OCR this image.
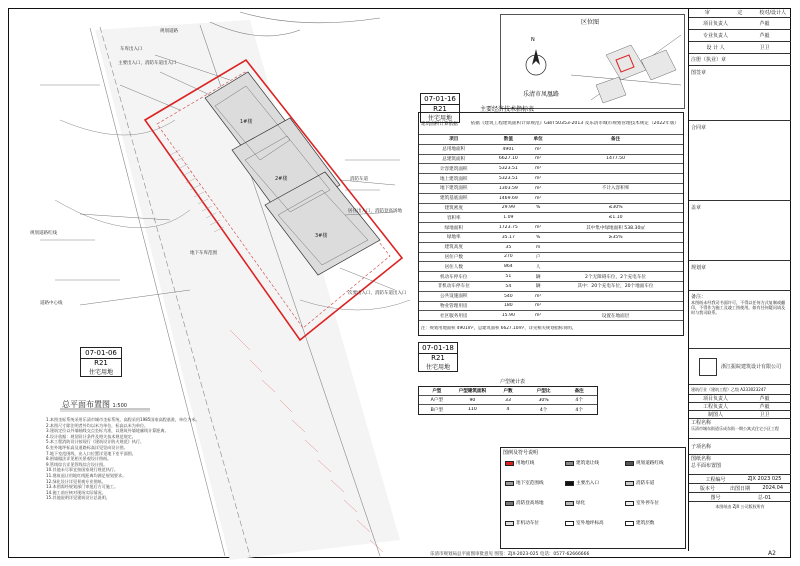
车库出入口
主要出入口，消防车道出入口
规划道路
消防车道
居住出入口，消防登高场地
次要出入口，消防车道出入口
规划道路红线
道路中心线
1#楼
2#楼
3#楼
地下车库范围
07-01-16
R21
住宅用地
07-01-06
R21
住宅用地
07-01-18
R21
住宅用地
总平面布置图 1:500
1.本图坐标系统采用乐清市城市坐标系统，高程采用1985国家高程基准，单位为米。
2.本图尺寸除注明者外均以米为单位，标高以米为单位。
3.建筑定位以外墙轴线交点坐标为准，以建筑外墙轮廓线计算距离。
4.设计依据：规划设计条件及相关技术规范规定。
5.本工程消防设计按现行《建筑设计防火规范》执行。
6.室外地坪标高及道路标高详见竖向设计图。
7.地下室范围线、出入口位置详见地下室平面图。
8.围墙做法详见相关景观设计图纸。
9.管线综合详见管线综合设计图。
10.其他未尽事宜按国家现行规范执行。
11.建筑退让用地红线距离均满足规划要求。
12.绿化设计详见景观专业图纸。
13.本图需经规划部门审批后方可施工。
14.施工前应核对现场实际情况。
15.其他说明详见建筑设计总说明。
区位图
N
乐清市凤凰路
主要经济技术指标表
建筑面积计算依据	依据《建筑工程建筑面积计算规范》GB/T50353-2013 及乐清市城市规划管理技术规定（2022年版）
项目	数值	单位	备注
总用地面积	4901	m²
总建筑面积	6627.10	m²	1477.50
计容建筑面积	5323.51	m²
地上建筑面积	5323.51	m²
地下建筑面积	1303.59	m²	不计入容积率
建筑基底面积	1469.69	m²
建筑密度	29.99	%	≤30%
容积率	1.09	≤1.10
绿地面积	1723.75	m²	其中集中绿地面积 538.30㎡
绿地率	35.17	%	≥35%
建筑高度	35	m
居住户数	270	户
居住人数	864	人
机动车停车位	51	辆	2个无障碍车位，2个充电车位
非机动车停车位	54	辆	其中：20个充电车位，20个地面车位
公共设施面积	540	m²
物业管理用房	180	m²
社区服务用房	15.90	m²	设置在地面层
注：规划用地面积 4901m²，总建筑面积 6627.10m²，详见相关规划指标说明。
户型统计表
户型	户型建筑面积	户数	户型比	备注
A户型	90	33	30%	4个
B户型	110	4	4个	4个
图例及符号说明
用地红线	建筑退让线	规划道路红线
地下室范围线	主要出入口	消防车道
消防登高场地	绿化	室外停车位
非机动车位	室外地坪标高	建筑层数
审	定	校对/设计人
项目负责人	芦毅
专业负责人	芦毅
设 计 人	卫卫
注册（执业）章
图签章
合同章
盖章
规划章
备注：
本图纸未经我司书面许可，不得以任何方式复制或翻印，不得作为施工及竣工图使用。如有任何疑问请及时与我司联系。
浙江振皖建筑设计有限公司
建筑行业（建筑工程）乙级 A233023247
项目负责人	芦毅
工程负责人	芦毅
制图人	卫卫
工程名称
乐清市城东街道乐成东街一期公寓式住宅小区工程
子项名称
图纸名称
总平面布置图
工程编号	ZJX 2023 025
版本号	出图日期	2024.04
图号	总-01
本图纸由 ZJX 公司版权所有
乐清市规划局总平面图审批意见 图签：ZJX-2023-025 电话：0577-62666666	A2
